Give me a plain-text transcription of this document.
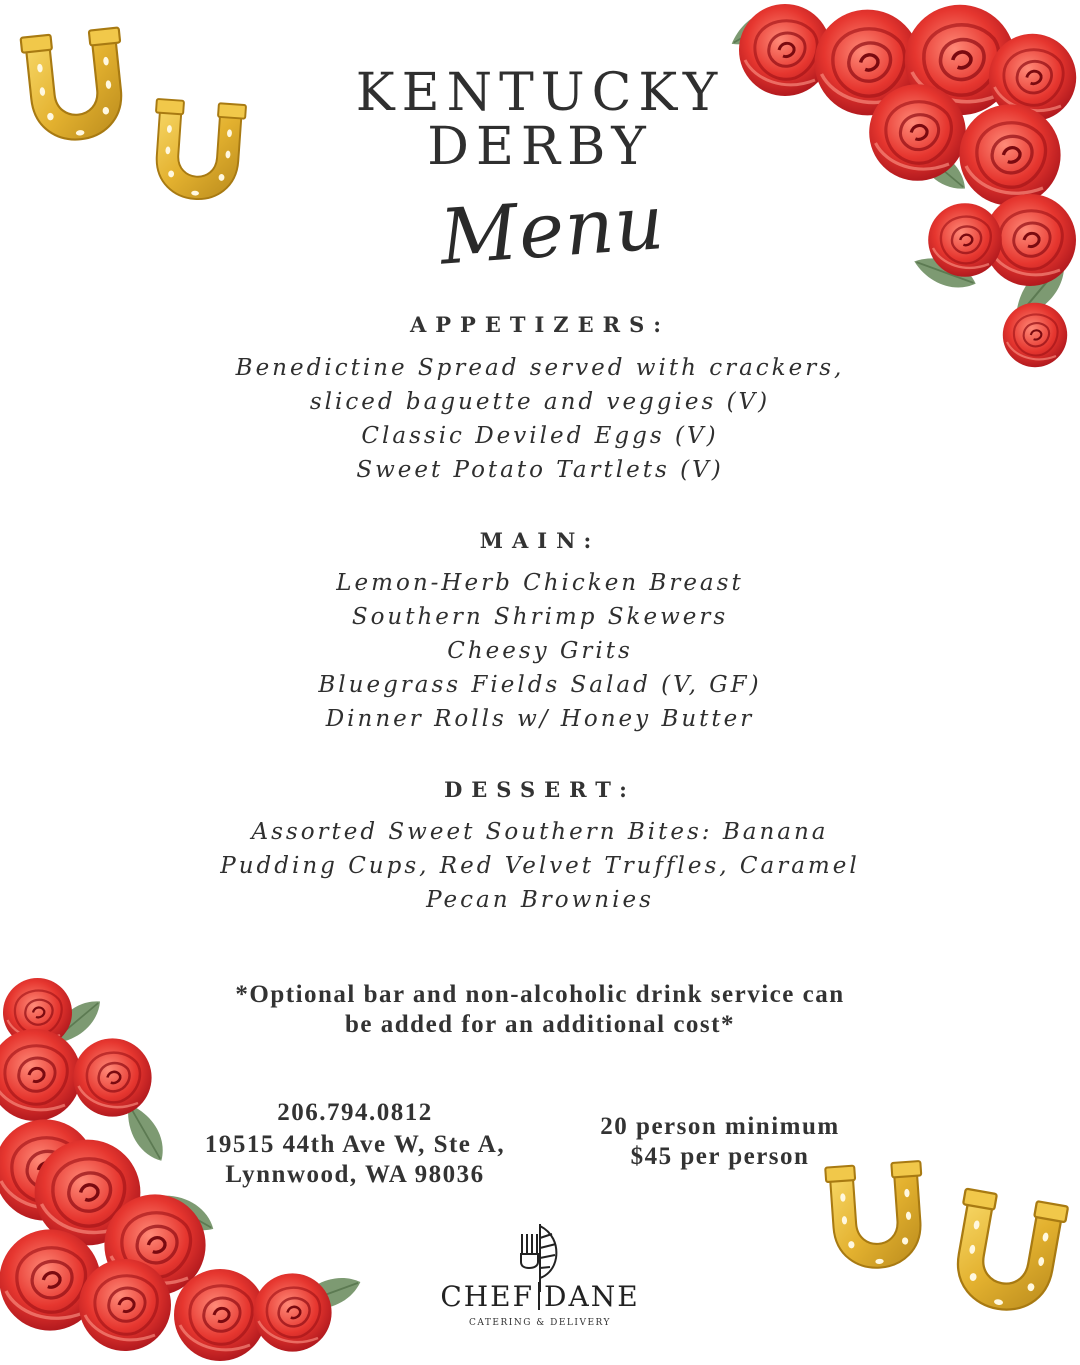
KENTUCKY
DERBY
Menu
APPETIZERS:

Benedictine Spread served with crackers,

sliced baguette and veggies (V)

Classic Deviled Eggs (V)

Sweet Potato Tartlets (V)

MAIN:

Lemon-Herb Chicken Breast

Southern Shrimp Skewers

Cheesy Grits

Bluegrass Fields Salad (V, GF)

Dinner Rolls w/ Honey Butter

DESSERT:

Assorted Sweet Southern Bites: Banana

Pudding Cups, Red Velvet Truffles, Caramel

Pecan Brownies

*Optional bar and non-alcoholic drink service can
be added for an additional cost*
206.794.0812
19515 44th Ave W, Ste A,
Lynnwood, WA 98036
20 person minimum
$45 per person
CHEF DANE
CATERING & DELIVERY
